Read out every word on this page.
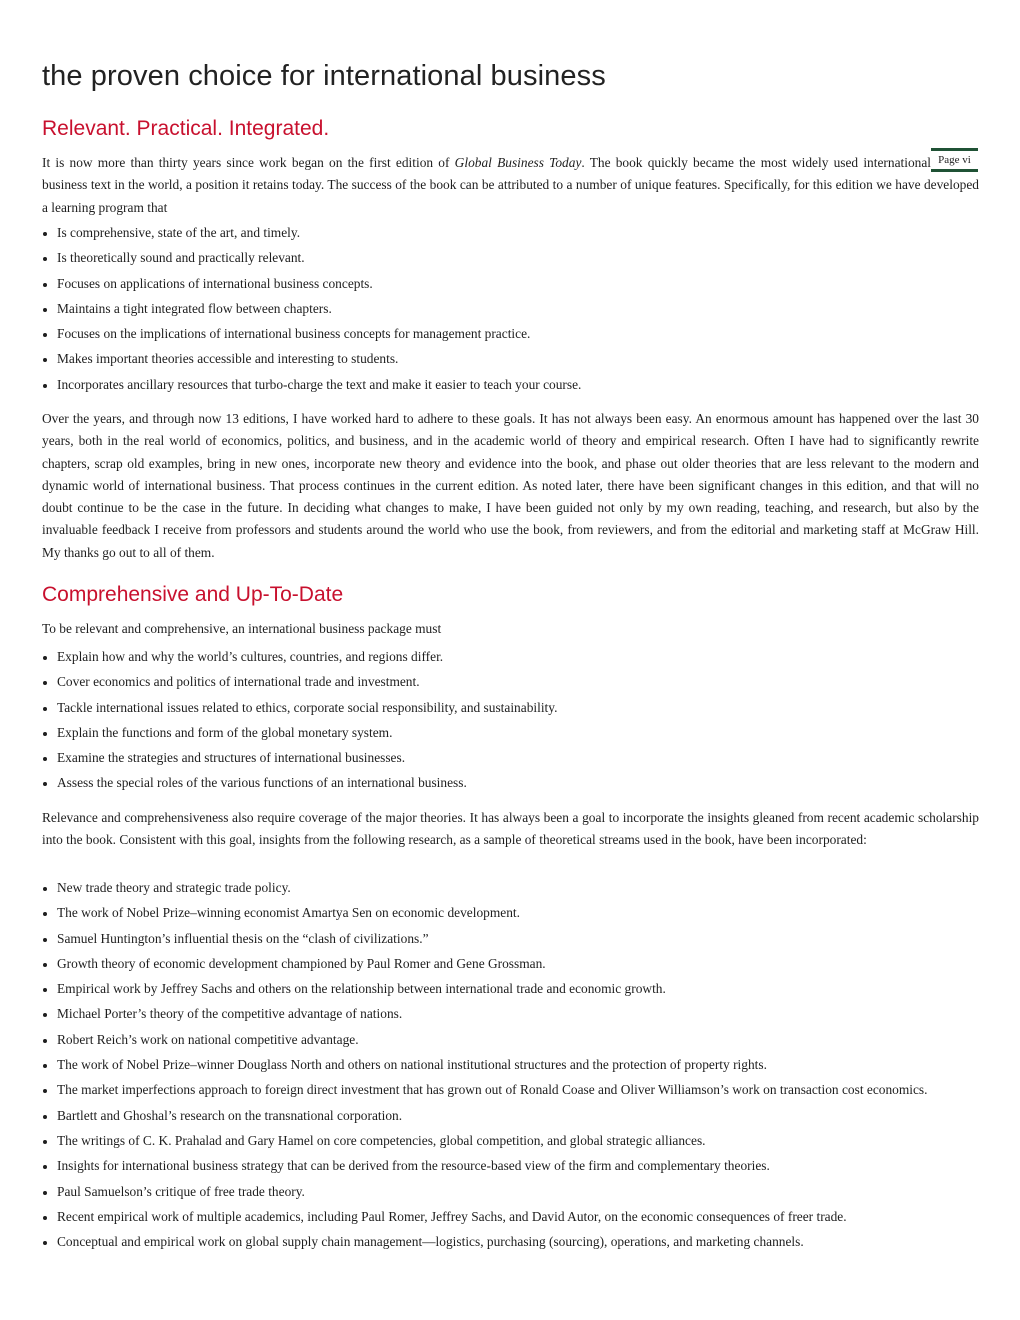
the proven choice for international business
Relevant. Practical. Integrated.

It is now more than thirty years since work began on the first edition of Global Business Today. The book quickly became the most widely used international business text in the world, a position it retains today. The success of the book can be attributed to a number of unique features. Specifically, for this edition we have developed a learning program that

Page vi
Is comprehensive, state of the art, and timely.
Is theoretically sound and practically relevant.
Focuses on applications of international business concepts.
Maintains a tight integrated flow between chapters.
Focuses on the implications of international business concepts for management practice.
Makes important theories accessible and interesting to students.
Incorporates ancillary resources that turbo-charge the text and make it easier to teach your course.

Over the years, and through now 13 editions, I have worked hard to adhere to these goals. It has not always been easy. An enormous amount has happened over the last 30 years, both in the real world of economics, politics, and business, and in the academic world of theory and empirical research. Often I have had to significantly rewrite chapters, scrap old examples, bring in new ones, incorporate new theory and evidence into the book, and phase out older theories that are less relevant to the modern and dynamic world of international business. That process continues in the current edition. As noted later, there have been significant changes in this edition, and that will no doubt continue to be the case in the future. In deciding what changes to make, I have been guided not only by my own reading, teaching, and research, but also by the invaluable feedback I receive from professors and students around the world who use the book, from reviewers, and from the editorial and marketing staff at McGraw Hill. My thanks go out to all of them.

Comprehensive and Up-To-Date

To be relevant and comprehensive, an international business package must

Explain how and why the world’s cultures, countries, and regions differ.
Cover economics and politics of international trade and investment.
Tackle international issues related to ethics, corporate social responsibility, and sustainability.
Explain the functions and form of the global monetary system.
Examine the strategies and structures of international businesses.
Assess the special roles of the various functions of an international business.

Relevance and comprehensiveness also require coverage of the major theories. It has always been a goal to incorporate the insights gleaned from recent academic scholarship into the book. Consistent with this goal, insights from the following research, as a sample of theoretical streams used in the book, have been incorporated:

New trade theory and strategic trade policy.
The work of Nobel Prize–winning economist Amartya Sen on economic development.
Samuel Huntington’s influential thesis on the “clash of civilizations.”
Growth theory of economic development championed by Paul Romer and Gene Grossman.
Empirical work by Jeffrey Sachs and others on the relationship between international trade and economic growth.
Michael Porter’s theory of the competitive advantage of nations.
Robert Reich’s work on national competitive advantage.
The work of Nobel Prize–winner Douglass North and others on national institutional structures and the protection of property rights.
The market imperfections approach to foreign direct investment that has grown out of Ronald Coase and Oliver Williamson’s work on transaction cost economics.
Bartlett and Ghoshal’s research on the transnational corporation.
The writings of C. K. Prahalad and Gary Hamel on core competencies, global competition, and global strategic alliances.
Insights for international business strategy that can be derived from the resource-based view of the firm and complementary theories.
Paul Samuelson’s critique of free trade theory.
Recent empirical work of multiple academics, including Paul Romer, Jeffrey Sachs, and David Autor, on the economic consequences of freer trade.
Conceptual and empirical work on global supply chain management—logistics, purchasing (sourcing), operations, and marketing channels.
